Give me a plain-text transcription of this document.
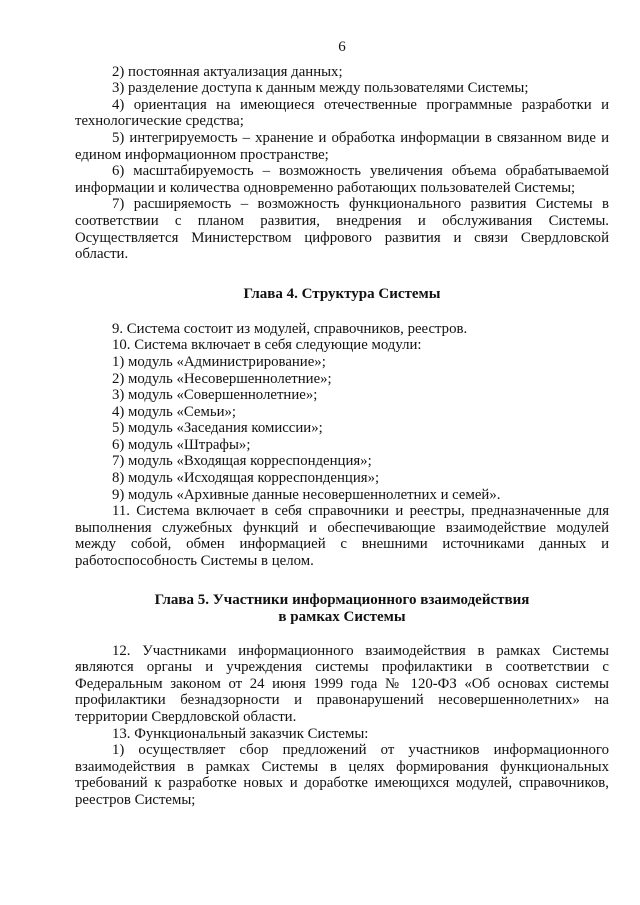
6

2) постоянная актуализация данных;

3) разделение доступа к данным между пользователями Системы;

4) ориентация на имеющиеся отечественные программные разработки и технологические средства;

5) интегрируемость – хранение и обработка информации в связанном виде и едином информационном пространстве;

6) масштабируемость – возможность увеличения объема обрабатываемой информации и количества одновременно работающих пользователей Системы;

7) расширяемость – возможность функционального развития Системы в соответствии с планом развития, внедрения и обслуживания Системы. Осуществляется Министерством цифрового развития и связи Свердловской области.

Глава 4. Структура Системы

9. Система состоит из модулей, справочников, реестров.

10. Система включает в себя следующие модули:

1) модуль «Администрирование»;

2) модуль «Несовершеннолетние»;

3) модуль «Совершеннолетние»;

4) модуль «Семьи»;

5) модуль «Заседания комиссии»;

6) модуль «Штрафы»;

7) модуль «Входящая корреспонденция»;

8) модуль «Исходящая корреспонденция»;

9) модуль «Архивные данные несовершеннолетних и семей».

11. Система включает в себя справочники и реестры, предназначенные для выполнения служебных функций и обеспечивающие взаимодействие модулей между собой, обмен информацией с внешними источниками данных и работоспособность Системы в целом.

Глава 5. Участники информационного взаимодействия
в рамках Системы

12. Участниками информационного взаимодействия в рамках Системы являются органы и учреждения системы профилактики в соответствии с Федеральным законом от 24 июня 1999 года № 120-ФЗ «Об основах системы профилактики безнадзорности и правонарушений несовершеннолетних» на территории Свердловской области.

13. Функциональный заказчик Системы:

1) осуществляет сбор предложений от участников информационного взаимодействия в рамках Системы в целях формирования функциональных требований к разработке новых и доработке имеющихся модулей, справочников, реестров Системы;
